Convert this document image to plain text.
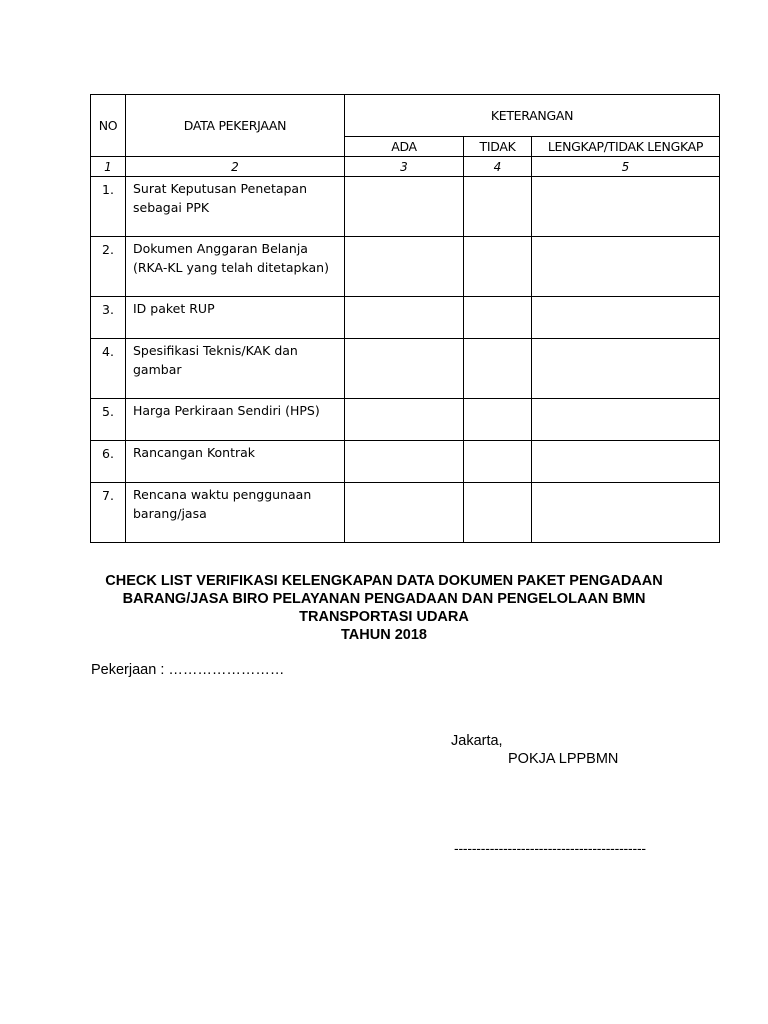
NO	DATA PEKERJAAN	KETERANGAN		
		ADA	TIDAK	LENGKAP/TIDAK LENGKAP
1	2	3	4	5
1.	Surat Keputusan Penetapan sebagai PPK			
2.	Dokumen Anggaran Belanja (RKA-KL yang telah ditetapkan)			
3.	ID paket RUP			
4.	Spesifikasi Teknis/KAK dan gambar			
5.	Harga Perkiraan Sendiri (HPS)			
6.	Rancangan Kontrak			
7.	Rencana waktu penggunaan barang/jasa			
CHECK LIST VERIFIKASI KELENGKAPAN DATA DOKUMEN PAKET PENGADAAN
BARANG/JASA BIRO PELAYANAN PENGADAAN DAN PENGELOLAAN BMN
TRANSPORTASI UDARA
TAHUN 2018
Pekerjaan : ……………………
Jakarta,
POKJA LPPBMN
-------------------------------------------
